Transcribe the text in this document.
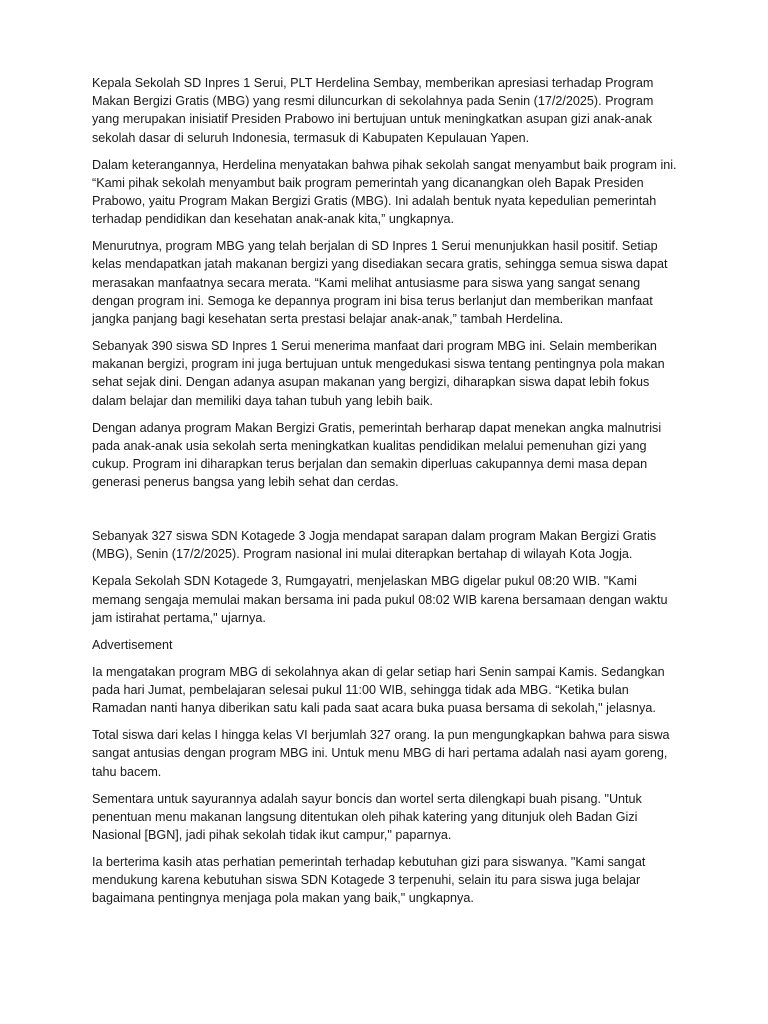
Kepala Sekolah SD Inpres 1 Serui, PLT Herdelina Sembay, memberikan apresiasi terhadap Program Makan Bergizi Gratis (MBG) yang resmi diluncurkan di sekolahnya pada Senin (17/2/2025). Program yang merupakan inisiatif Presiden Prabowo ini bertujuan untuk meningkatkan asupan gizi anak-anak sekolah dasar di seluruh Indonesia, termasuk di Kabupaten Kepulauan Yapen.

Dalam keterangannya, Herdelina menyatakan bahwa pihak sekolah sangat menyambut baik program ini. “Kami pihak sekolah menyambut baik program pemerintah yang dicanangkan oleh Bapak Presiden Prabowo, yaitu Program Makan Bergizi Gratis (MBG). Ini adalah bentuk nyata kepedulian pemerintah terhadap pendidikan dan kesehatan anak-anak kita,” ungkapnya.

Menurutnya, program MBG yang telah berjalan di SD Inpres 1 Serui menunjukkan hasil positif. Setiap kelas mendapatkan jatah makanan bergizi yang disediakan secara gratis, sehingga semua siswa dapat merasakan manfaatnya secara merata. “Kami melihat antusiasme para siswa yang sangat senang dengan program ini. Semoga ke depannya program ini bisa terus berlanjut dan memberikan manfaat jangka panjang bagi kesehatan serta prestasi belajar anak-anak,” tambah Herdelina.

Sebanyak 390 siswa SD Inpres 1 Serui menerima manfaat dari program MBG ini. Selain memberikan makanan bergizi, program ini juga bertujuan untuk mengedukasi siswa tentang pentingnya pola makan sehat sejak dini. Dengan adanya asupan makanan yang bergizi, diharapkan siswa dapat lebih fokus dalam belajar dan memiliki daya tahan tubuh yang lebih baik.

Dengan adanya program Makan Bergizi Gratis, pemerintah berharap dapat menekan angka malnutrisi pada anak-anak usia sekolah serta meningkatkan kualitas pendidikan melalui pemenuhan gizi yang cukup. Program ini diharapkan terus berjalan dan semakin diperluas cakupannya demi masa depan generasi penerus bangsa yang lebih sehat dan cerdas.

Sebanyak 327 siswa SDN Kotagede 3 Jogja mendapat sarapan dalam program Makan Bergizi Gratis (MBG), Senin (17/2/2025). Program nasional ini mulai diterapkan bertahap di wilayah Kota Jogja.

Kepala Sekolah SDN Kotagede 3, Rumgayatri, menjelaskan MBG digelar pukul 08:20 WIB. "Kami memang sengaja memulai makan bersama ini pada pukul 08:02 WIB karena bersamaan dengan waktu jam istirahat pertama," ujarnya.

Advertisement

Ia mengatakan program MBG di sekolahnya akan di gelar setiap hari Senin sampai Kamis. Sedangkan pada hari Jumat, pembelajaran selesai pukul 11:00 WIB, sehingga tidak ada MBG. “Ketika bulan Ramadan nanti hanya diberikan satu kali pada saat acara buka puasa bersama di sekolah," jelasnya.

Total siswa dari kelas I hingga kelas VI berjumlah 327 orang. Ia pun mengungkapkan bahwa para siswa sangat antusias dengan program MBG ini. Untuk menu MBG di hari pertama adalah nasi ayam goreng, tahu bacem.

Sementara untuk sayurannya adalah sayur boncis dan wortel serta dilengkapi buah pisang. "Untuk penentuan menu makanan langsung ditentukan oleh pihak katering yang ditunjuk oleh Badan Gizi Nasional [BGN], jadi pihak sekolah tidak ikut campur," paparnya.

Ia berterima kasih atas perhatian pemerintah terhadap kebutuhan gizi para siswanya. "Kami sangat mendukung karena kebutuhan siswa SDN Kotagede 3 terpenuhi, selain itu para siswa juga belajar bagaimana pentingnya menjaga pola makan yang baik," ungkapnya.
